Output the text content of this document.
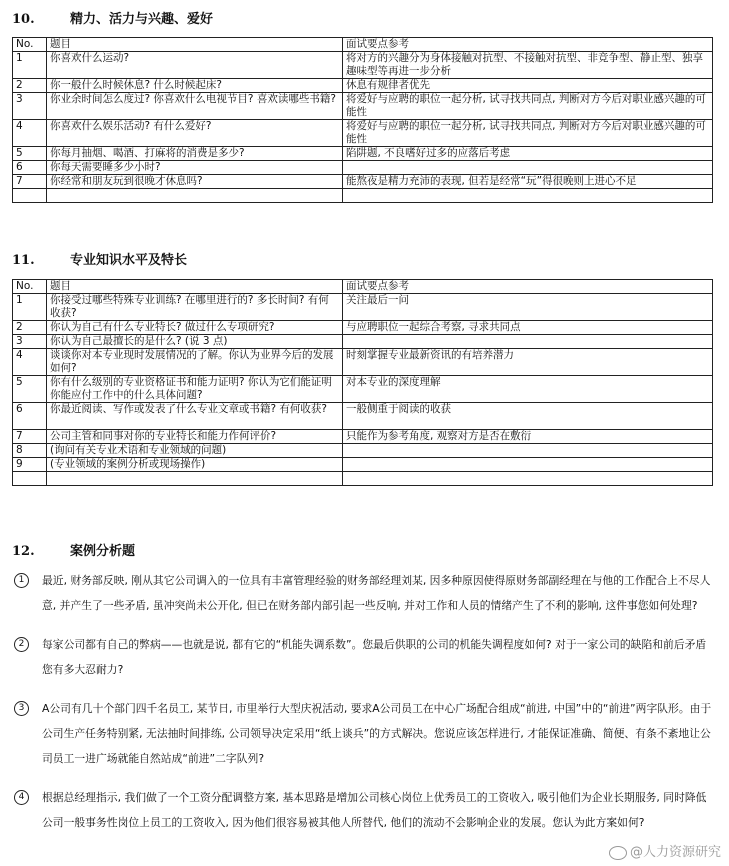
10.	精力、活力与兴趣、爱好
No.	题目	面试要点参考
1	你喜欢什么运动?	将对方的兴趣分为身体接触对抗型、不接触对抗型、非竞争型、静止型、独享趣味型等再进一步分析
2	你一般什么时候休息? 什么时候起床?	休息有规律者优先
3	你业余时间怎么度过? 你喜欢什么电视节目? 喜欢读哪些书籍?	将爱好与应聘的职位一起分析, 试寻找共同点, 判断对方今后对职业感兴趣的可能性
4	你喜欢什么娱乐活动? 有什么爱好?	将爱好与应聘的职位一起分析, 试寻找共同点, 判断对方今后对职业感兴趣的可能性
5	你每月抽烟、喝酒、打麻将的消费是多少?	陷阱题, 不良嗜好过多的应落后考虑
6	你每天需要睡多少小时?	
7	你经常和朋友玩到很晚才休息吗?	能熬夜是精力充沛的表现, 但若是经常“玩”得很晚则上进心不足

11.	专业知识水平及特长
No.	题目	面试要点参考
1	你接受过哪些特殊专业训练? 在哪里进行的? 多长时间? 有何收获?	关注最后一问
2	你认为自己有什么专业特长? 做过什么专项研究?	与应聘职位一起综合考察, 寻求共同点
3	你认为自己最擅长的是什么? (说 3 点)	
4	谈谈你对本专业现时发展情况的了解。你认为业界今后的发展如何?	时刻掌握专业最新资讯的有培养潜力
5	你有什么级别的专业资格证书和能力证明? 你认为它们能证明你能应付工作中的什么具体问题?	对本专业的深度理解
6	你最近阅读、写作或发表了什么专业文章或书籍? 有何收获?	一般侧重于阅读的收获
7	公司主管和同事对你的专业特长和能力作何评价?	只能作为参考角度, 观察对方是否在敷衍
8	(询问有关专业术语和专业领域的问题)	
9	(专业领域的案例分析或现场操作)	

12.	案例分析题
1	最近, 财务部反映, 刚从其它公司调入的一位具有丰富管理经验的财务部经理刘某, 因多种原因使得原财务部副经理在与他的工作配合上不尽人意, 并产生了一些矛盾, 虽冲突尚未公开化, 但已在财务部内部引起一些反响, 并对工作和人员的情绪产生了不利的影响, 这件事您如何处理?
2	每家公司都有自己的弊病——也就是说, 都有它的“机能失调系数”。您最后供职的公司的机能失调程度如何? 对于一家公司的缺陷和前后矛盾您有多大忍耐力?
3	A公司有几十个部门四千名员工, 某节日, 市里举行大型庆祝活动, 要求A公司员工在中心广场配合组成“前进, 中国”中的“前进”两字队形。由于公司生产任务特别紧, 无法抽时间排练, 公司领导决定采用“纸上谈兵”的方式解决。您说应该怎样进行, 才能保证准确、简便、有条不紊地让公司员工一进广场就能自然站成“前进”二字队列?
4	根据总经理指示, 我们做了一个工资分配调整方案, 基本思路是增加公司核心岗位上优秀员工的工资收入, 吸引他们为企业长期服务, 同时降低公司一般事务性岗位上员工的工资收入, 因为他们很容易被其他人所替代, 他们的流动不会影响企业的发展。您认为此方案如何?
@人力资源研究
